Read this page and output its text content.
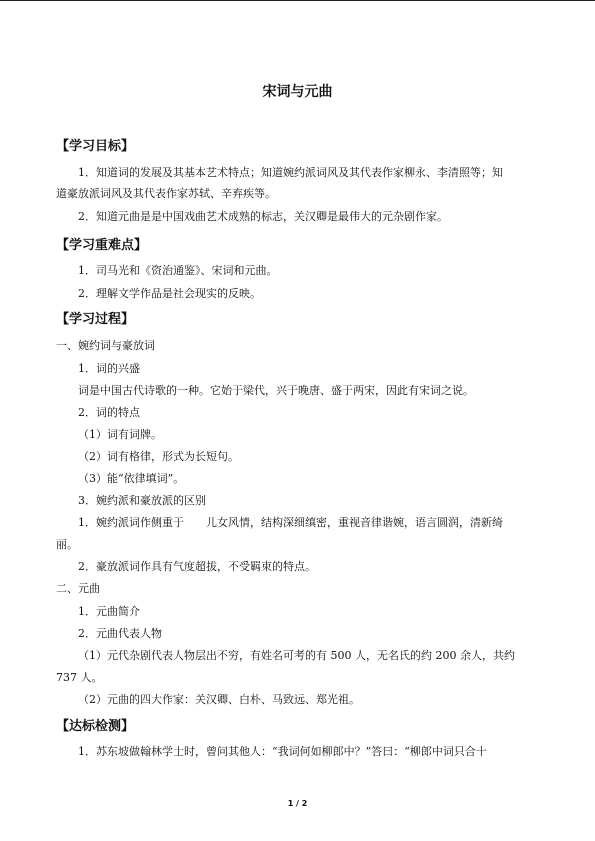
宋词与元曲
【学习目标】
1．知道词的发展及其基本艺术特点；知道婉约派词风及其代表作家柳永、李清照等；知
道豪放派词风及其代表作家苏轼、辛弃疾等。
2．知道元曲是是中国戏曲艺术成熟的标志，关汉卿是最伟大的元杂剧作家。
【学习重难点】
1．司马光和《资治通鉴》、宋词和元曲。
2．理解文学作品是社会现实的反映。
【学习过程】
一、婉约词与豪放词
1．词的兴盛
词是中国古代诗歌的一种。它始于梁代，兴于晚唐、盛于两宋，因此有宋词之说。
2．词的特点
（1）词有词牌。
（2）词有格律，形式为长短句。
（3）能“依律填词”。
3．婉约派和豪放派的区别
1．婉约派词作侧重于　　儿女风情，结构深细缜密，重视音律谐婉，语言圆润，清新绮
丽。
2．豪放派词作具有气度超拔，不受羁束的特点。
二、元曲
1．元曲简介
2．元曲代表人物
（1）元代杂剧代表人物层出不穷，有姓名可考的有 500 人，无名氏的约 200 余人，共约
737 人。
（2）元曲的四大作家：关汉卿、白朴、马致远、郑光祖。
【达标检测】
1．苏东坡做翰林学士时，曾问其他人：“我词何如柳郎中？”答曰：“柳郎中词只合十
1 / 2
